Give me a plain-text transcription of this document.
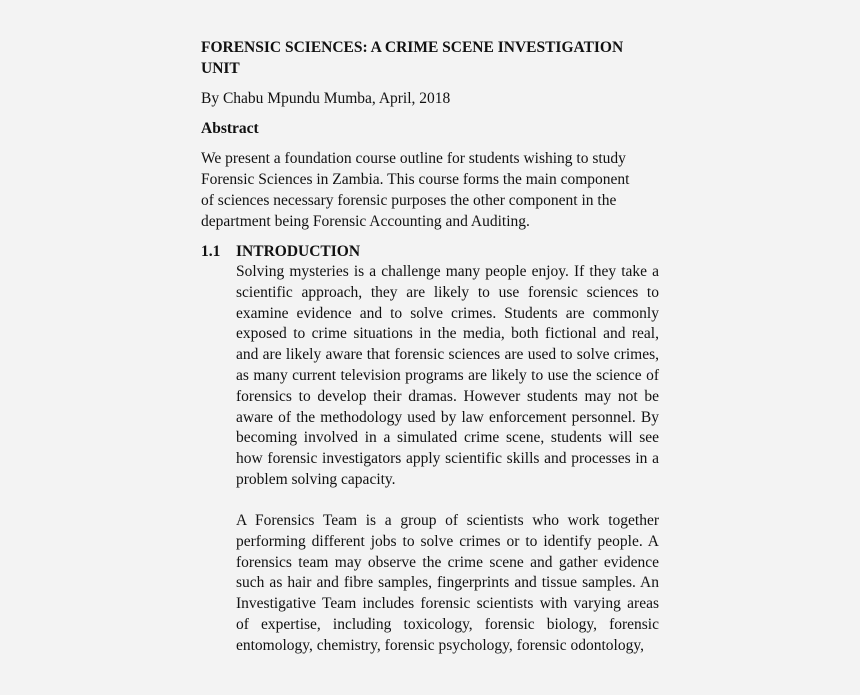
FORENSIC SCIENCES: A CRIME SCENE INVESTIGATION UNIT

By Chabu Mpundu Mumba, April, 2018

Abstract

We present a foundation course outline for students wishing to study Forensic Sciences in Zambia. This course forms the main component of sciences necessary forensic purposes the other component in the department being Forensic Accounting and Auditing.

1.1 INTRODUCTION

Solving mysteries is a challenge many people enjoy. If they take a scientific approach, they are likely to use forensic sciences to examine evidence and to solve crimes. Students are commonly exposed to crime situations in the media, both fictional and real, and are likely aware that forensic sciences are used to solve crimes, as many current television programs are likely to use the science of forensics to develop their dramas. However students may not be aware of the methodology used by law enforcement personnel. By becoming involved in a simulated crime scene, students will see how forensic investigators apply scientific skills and processes in a problem solving capacity.

A Forensics Team is a group of scientists who work together performing different jobs to solve crimes or to identify people. A forensics team may observe the crime scene and gather evidence such as hair and fibre samples, fingerprints and tissue samples. An Investigative Team includes forensic scientists with varying areas of expertise, including toxicology, forensic biology, forensic entomology, chemistry, forensic psychology, forensic odontology,
